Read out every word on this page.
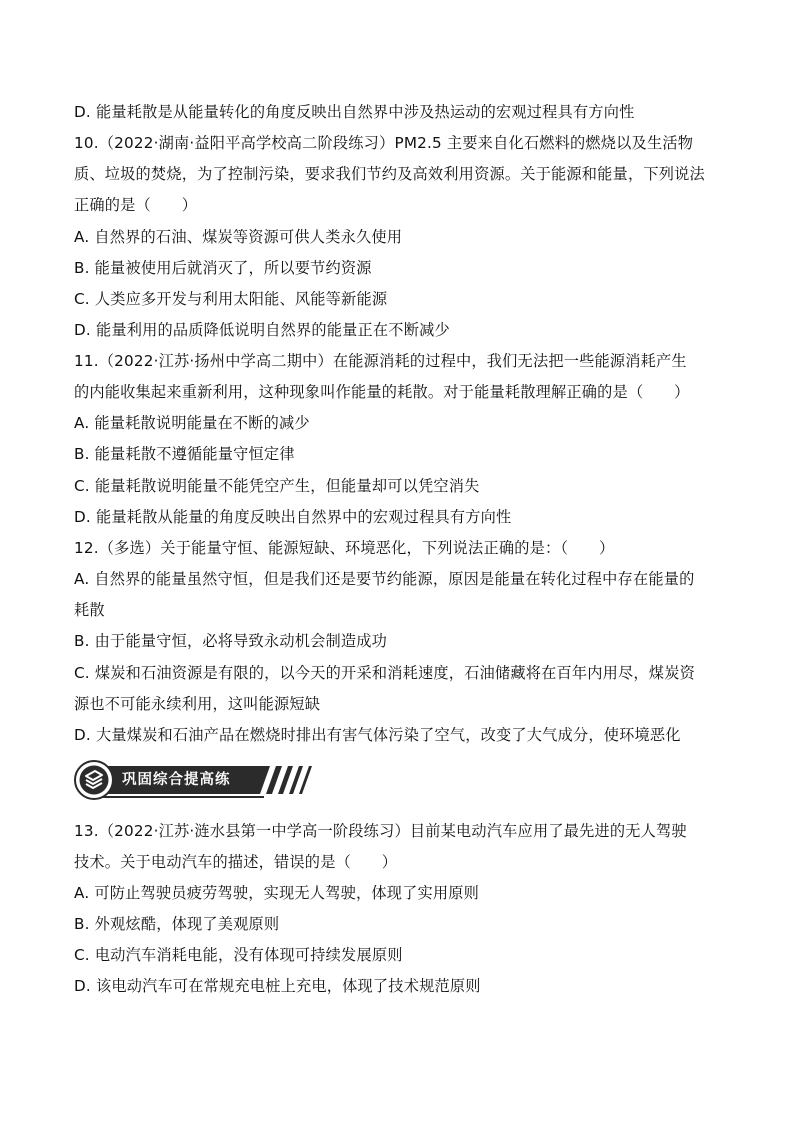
D. 能量耗散是从能量转化的角度反映出自然界中涉及热运动的宏观过程具有方向性
10.（2022·湖南·益阳平高学校高二阶段练习）PM2.5 主要来自化石燃料的燃烧以及生活物
质、垃圾的焚烧，为了控制污染，要求我们节约及高效利用资源。关于能源和能量，下列说法
正确的是（　　）
A. 自然界的石油、煤炭等资源可供人类永久使用
B. 能量被使用后就消灭了，所以要节约资源
C. 人类应多开发与利用太阳能、风能等新能源
D. 能量利用的品质降低说明自然界的能量正在不断减少
11.（2022·江苏·扬州中学高二期中）在能源消耗的过程中，我们无法把一些能源消耗产生
的内能收集起来重新利用，这种现象叫作能量的耗散。对于能量耗散理解正确的是（　　）
A. 能量耗散说明能量在不断的减少
B. 能量耗散不遵循能量守恒定律
C. 能量耗散说明能量不能凭空产生，但能量却可以凭空消失
D. 能量耗散从能量的角度反映出自然界中的宏观过程具有方向性
12.（多选）关于能量守恒、能源短缺、环境恶化，下列说法正确的是：（　　）
A. 自然界的能量虽然守恒，但是我们还是要节约能源，原因是能量在转化过程中存在能量的
耗散
B. 由于能量守恒，必将导致永动机会制造成功
C. 煤炭和石油资源是有限的，以今天的开采和消耗速度，石油储藏将在百年内用尽，煤炭资
源也不可能永续利用，这叫能源短缺
D. 大量煤炭和石油产品在燃烧时排出有害气体污染了空气，改变了大气成分，使环境恶化
巩固综合提高练
13.（2022·江苏·涟水县第一中学高一阶段练习）目前某电动汽车应用了最先进的无人驾驶
技术。关于电动汽车的描述，错误的是（　　）
A. 可防止驾驶员疲劳驾驶，实现无人驾驶，体现了实用原则
B. 外观炫酷，体现了美观原则
C. 电动汽车消耗电能，没有体现可持续发展原则
D. 该电动汽车可在常规充电桩上充电，体现了技术规范原则
